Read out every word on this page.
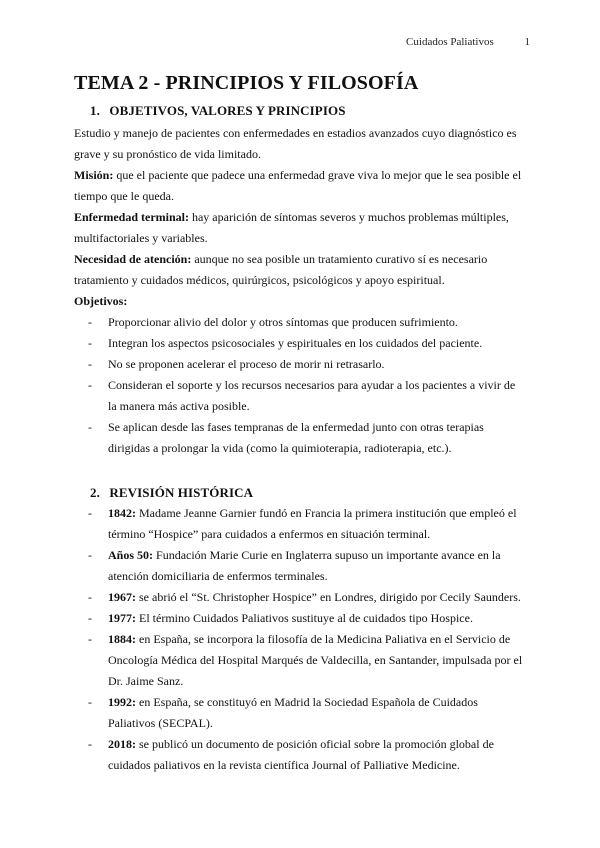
Cuidados Paliativos	1
TEMA 2 - PRINCIPIOS Y FILOSOFÍA
1. OBJETIVOS, VALORES Y PRINCIPIOS

Estudio y manejo de pacientes con enfermedades en estadios avanzados cuyo diagnóstico es grave y su pronóstico de vida limitado.

Misión: que el paciente que padece una enfermedad grave viva lo mejor que le sea posible el tiempo que le queda.

Enfermedad terminal: hay aparición de síntomas severos y muchos problemas múltiples, multifactoriales y variables.

Necesidad de atención: aunque no sea posible un tratamiento curativo sí es necesario tratamiento y cuidados médicos, quirúrgicos, psicológicos y apoyo espiritual.

Objetivos:

- Proporcionar alivio del dolor y otros síntomas que producen sufrimiento.
- Integran los aspectos psicosociales y espirituales en los cuidados del paciente.
- No se proponen acelerar el proceso de morir ni retrasarlo.
- Consideran el soporte y los recursos necesarios para ayudar a los pacientes a vivir de la manera más activa posible.
- Se aplican desde las fases tempranas de la enfermedad junto con otras terapias dirigidas a prolongar la vida (como la quimioterapia, radioterapia, etc.).
2. REVISIÓN HISTÓRICA
- 1842: Madame Jeanne Garnier fundó en Francia la primera institución que empleó el término “Hospice” para cuidados a enfermos en situación terminal.
- Años 50: Fundación Marie Curie en Inglaterra supuso un importante avance en la atención domiciliaria de enfermos terminales.
- 1967: se abrió el “St. Christopher Hospice” en Londres, dirigido por Cecily Saunders.
- 1977: El término Cuidados Paliativos sustituye al de cuidados tipo Hospice.
- 1884: en España, se incorpora la filosofía de la Medicina Paliativa en el Servicio de Oncología Médica del Hospital Marqués de Valdecilla, en Santander, impulsada por el Dr. Jaime Sanz.
- 1992: en España, se constituyó en Madrid la Sociedad Española de Cuidados Paliativos (SECPAL).
- 2018: se publicó un documento de posición oficial sobre la promoción global de cuidados paliativos en la revista científica Journal of Palliative Medicine.
